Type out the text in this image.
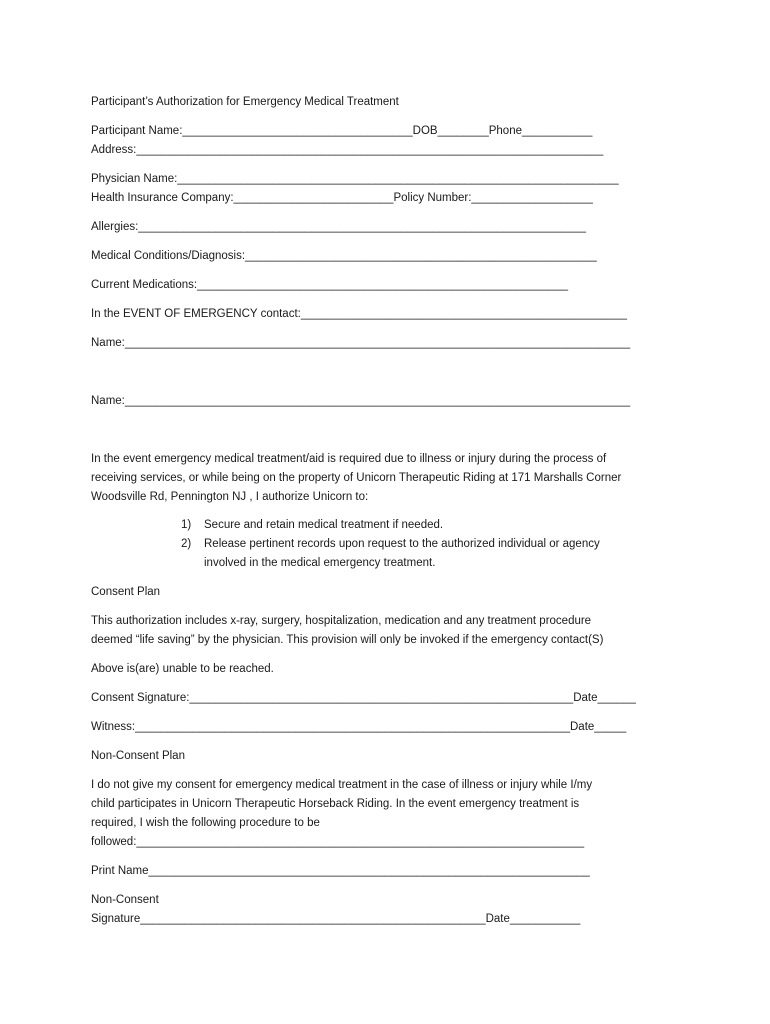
Participant’s Authorization for Emergency Medical Treatment
Participant Name:____________________________________DOB________Phone___________
Address:_________________________________________________________________________
Physician Name:_____________________________________________________________________
Health Insurance Company:_________________________Policy Number:___________________
Allergies:______________________________________________________________________
Medical Conditions/Diagnosis:_______________________________________________________
Current Medications:__________________________________________________________
In the EVENT OF EMERGENCY contact:___________________________________________________
Name:_______________________________________________________________________________
Name:_______________________________________________________________________________
In the event emergency medical treatment/aid is required due to illness or injury during the process of
receiving services, or while being on the property of Unicorn Therapeutic Riding at 171 Marshalls Corner
Woodsville Rd, Pennington NJ , I authorize Unicorn to:
1) Secure and retain medical treatment if needed.
2) Release pertinent records upon request to the authorized individual or agency
involved in the medical emergency treatment.
Consent Plan
This authorization includes x-ray, surgery, hospitalization, medication and any treatment procedure
deemed “life saving” by the physician. This provision will only be invoked if the emergency contact(S)
Above is(are) unable to be reached.
Consent Signature:____________________________________________________________Date______
Witness:____________________________________________________________________Date_____
Non-Consent Plan
I do not give my consent for emergency medical treatment in the case of illness or injury while I/my
child participates in Unicorn Therapeutic Horseback Riding. In the event emergency treatment is
required, I wish the following procedure to be
followed:______________________________________________________________________
Print Name_____________________________________________________________________
Non-Consent
Signature______________________________________________________Date___________
